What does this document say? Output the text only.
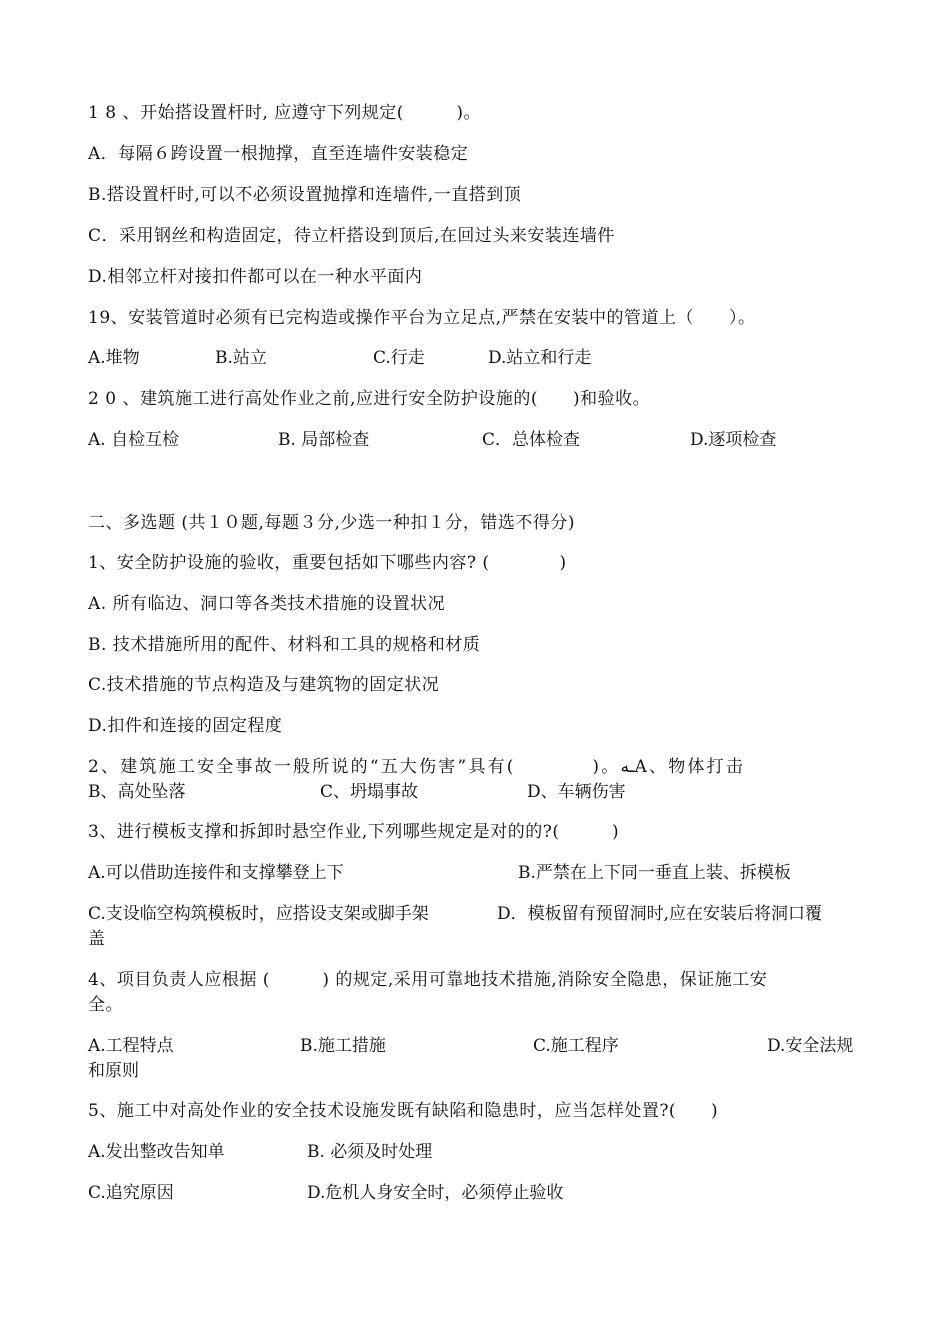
1 8 、开始搭设置杆时, 应遵守下列规定(　　　)。
A．每隔６跨设置一根抛撑，直至连墙件安装稳定
B.搭设置杆时,可以不必须设置抛撑和连墙件,一直搭到顶
C．采用钢丝和构造固定，待立杆搭设到顶后,在回过头来安装连墙件
D.相邻立杆对接扣件都可以在一种水平面内
19、安装管道时必须有已完构造或操作平台为立足点,严禁在安装中的管道上（　　）。
A.堆物	B.站立	C.行走	D.站立和行走
2 0 、建筑施工进行高处作业之前,应进行安全防护设施的(　　)和验收。
A. 自检互检	B. 局部检查	C．总体检查	D.逐项检查
二、多选题 (共１０题,每题３分,少选一种扣１分，错选不得分)
1、安全防护设施的验收，重要包括如下哪些内容? (　　　　)
A. 所有临边、洞口等各类技术措施的设置状况
B. 技术措施所用的配件、材料和工具的规格和材质
C.技术措施的节点构造及与建筑物的固定状况
D.扣件和连接的固定程度
2、建筑施工安全事故一般所说的“五大伤害”具有(　　　　)。ـهA、物体打击
B、高处坠落	C、坍塌事故	D、车辆伤害
3、进行模板支撑和拆卸时悬空作业,下列哪些规定是对的的?(　　　)
A.可以借助连接件和支撑攀登上下	B.严禁在上下同一垂直上装、拆模板
C.支设临空构筑模板时，应搭设支架或脚手架	D．模板留有预留洞时,应在安装后将洞口覆
盖
4、项目负责人应根据 (　　　) 的规定,采用可靠地技术措施,消除安全隐患，保证施工安
全。
A.工程特点	B.施工措施	C.施工程序	D.安全法规
和原则
5、施工中对高处作业的安全技术设施发既有缺陷和隐患时，应当怎样处置?(　　)
A.发出整改告知单	B. 必须及时处理
C.追究原因	D.危机人身安全时，必须停止验收
